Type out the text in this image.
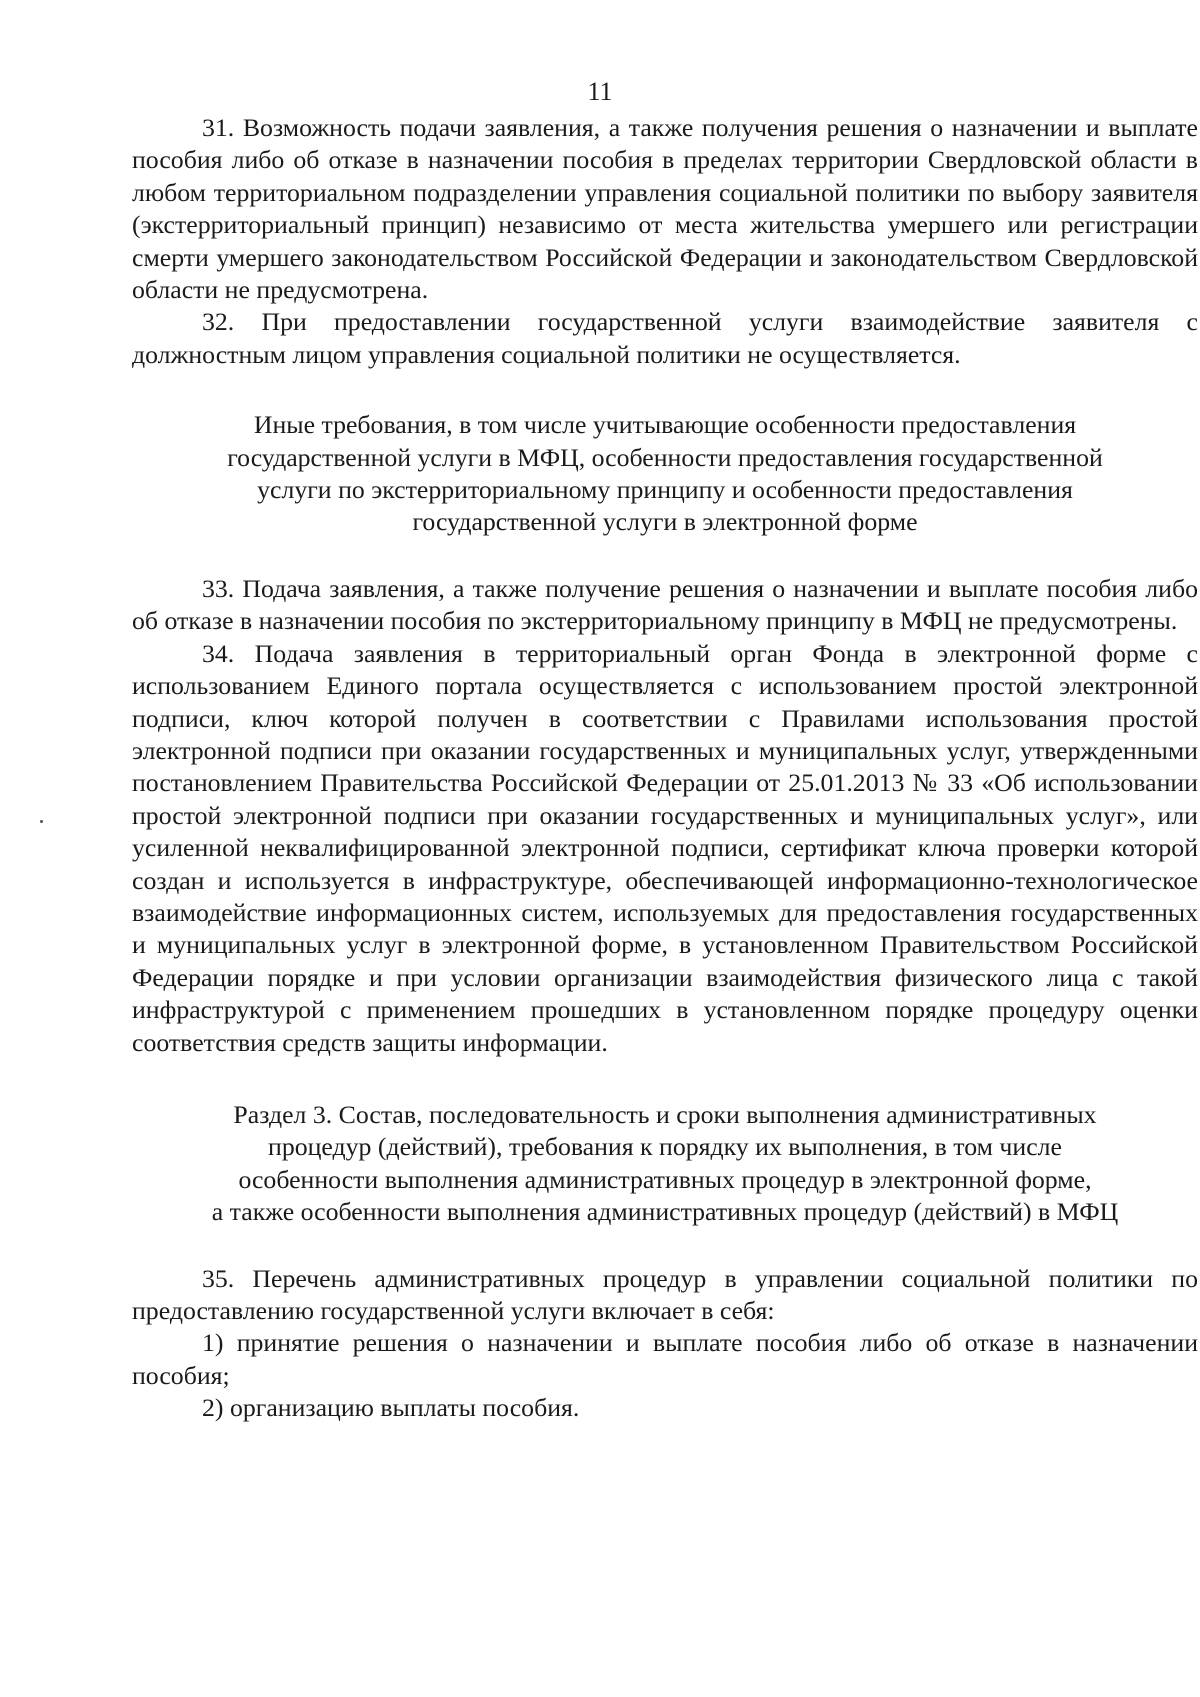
11

31. Возможность подачи заявления, а также получения решения о назначении и выплате пособия либо об отказе в назначении пособия в пределах территории Свердловской области в любом территориальном подразделении управления социальной политики по выбору заявителя (экстерриториальный принцип) независимо от места жительства умершего или регистрации смерти умершего законодательством Российской Федерации и законодательством Свердловской области не предусмотрена.

32. При предоставлении государственной услуги взаимодействие заявителя с должностным лицом управления социальной политики не осуществляется.

Иные требования, в том числе учитывающие особенности предоставления
государственной услуги в МФЦ, особенности предоставления государственной
услуги по экстерриториальному принципу и особенности предоставления
государственной услуги в электронной форме

33. Подача заявления, а также получение решения о назначении и выплате пособия либо об отказе в назначении пособия по экстерриториальному принципу в МФЦ не предусмотрены.

34. Подача заявления в территориальный орган Фонда в электронной форме с использованием Единого портала осуществляется с использованием простой электронной подписи, ключ которой получен в соответствии с Правилами использования простой электронной подписи при оказании государственных и муниципальных услуг, утвержденными постановлением Правительства Российской Федерации от 25.01.2013 № 33 «Об использовании простой электронной подписи при оказании государственных и муниципальных услуг», или усиленной неквалифицированной электронной подписи, сертификат ключа проверки которой создан и используется в инфраструктуре, обеспечивающей информационно-технологическое взаимодействие информационных систем, используемых для предоставления государственных и муниципальных услуг в электронной форме, в установленном Правительством Российской Федерации порядке и при условии организации взаимодействия физического лица с такой инфраструктурой с применением прошедших в установленном порядке процедуру оценки соответствия средств защиты информации.

Раздел 3. Состав, последовательность и сроки выполнения административных
процедур (действий), требования к порядку их выполнения, в том числе
особенности выполнения административных процедур в электронной форме,
а также особенности выполнения административных процедур (действий) в МФЦ

35. Перечень административных процедур в управлении социальной политики по предоставлению государственной услуги включает в себя:

1) принятие решения о назначении и выплате пособия либо об отказе в назначении пособия;

2) организацию выплаты пособия.
